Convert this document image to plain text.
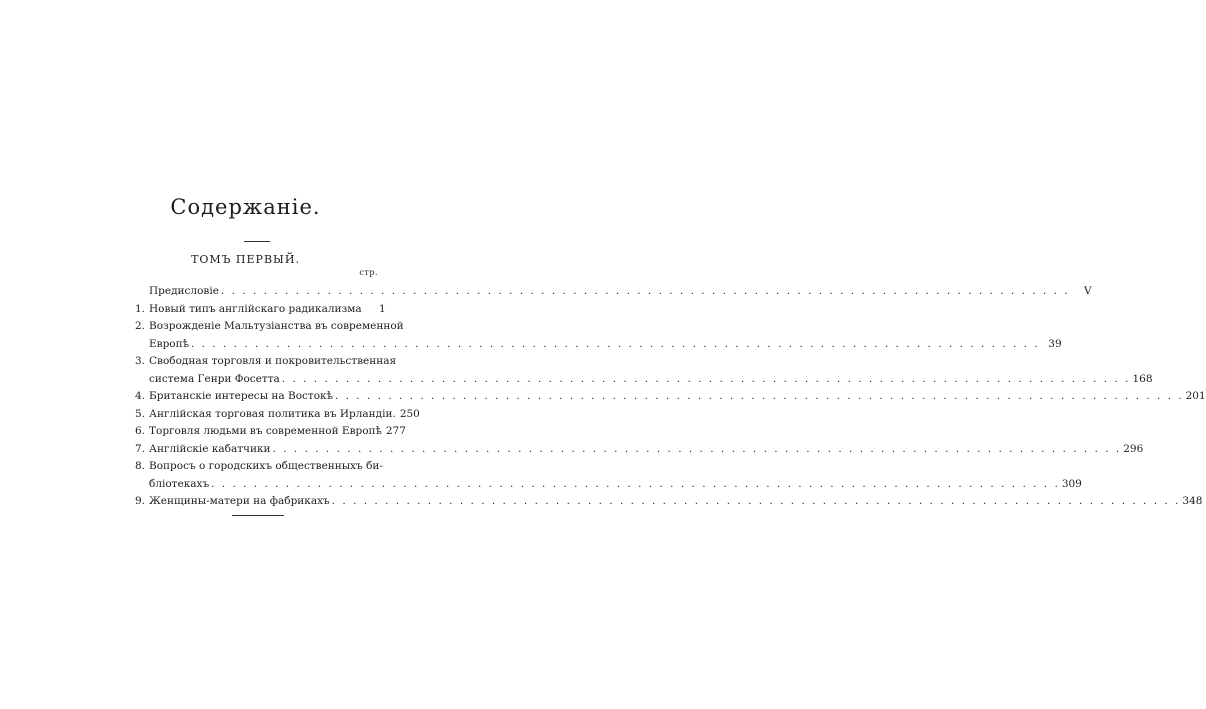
Содержаніе.
ТОМЪ ПЕРВЫЙ.
стр.
Предисловіе . . . . . . . . . . . . . . . . . . . . . . . . . . . . . . . . . . . . . . . . . . . . . . . . . . . . . . . . . . . . . . . . . . . . . . . . . . . . . . . .	V
1. Новый типъ англійскаго радикализма	1
2. Возрожденіе Мальтузіанства въ современной
Европѣ . . . . . . . . . . . . . . . . . . . . . . . . . . . . . . . . . . . . . . . . . . . . . . . . . . . . . . . . . . . . . . . . . . . . . . . . . . . . . . . . 39
3. Свободная торговля и покровительственная
система Генри Фосетта . . . . . . . . . . . . . . . . . . . . . . . . . . . . . . . . . . . . . . . . . . . . . . . . . . . . . . . . . . . . . . . . . . . . . . . . . . . . . . . . 168
4. Британскіе интересы на Востокѣ . . . . . . . . . . . . . . . . . . . . . . . . . . . . . . . . . . . . . . . . . . . . . . . . . . . . . . . . . . . . . . . . . . . . . . . . . . . . . . . . 201
5. Англійская торговая политика въ Ирландіи. 250
6. Торговля людьми въ современной Европѣ 277
7. Англійскіе кабатчики . . . . . . . . . . . . . . . . . . . . . . . . . . . . . . . . . . . . . . . . . . . . . . . . . . . . . . . . . . . . . . . . . . . . . . . . . . . . . . . . 296
8. Вопросъ о городскихъ общественныхъ би-
бліотекахъ . . . . . . . . . . . . . . . . . . . . . . . . . . . . . . . . . . . . . . . . . . . . . . . . . . . . . . . . . . . . . . . . . . . . . . . . . . . . . . . . 309
9. Женщины-матери на фабрикахъ . . . . . . . . . . . . . . . . . . . . . . . . . . . . . . . . . . . . . . . . . . . . . . . . . . . . . . . . . . . . . . . . . . . . . . . . . . . . . . . . 348
